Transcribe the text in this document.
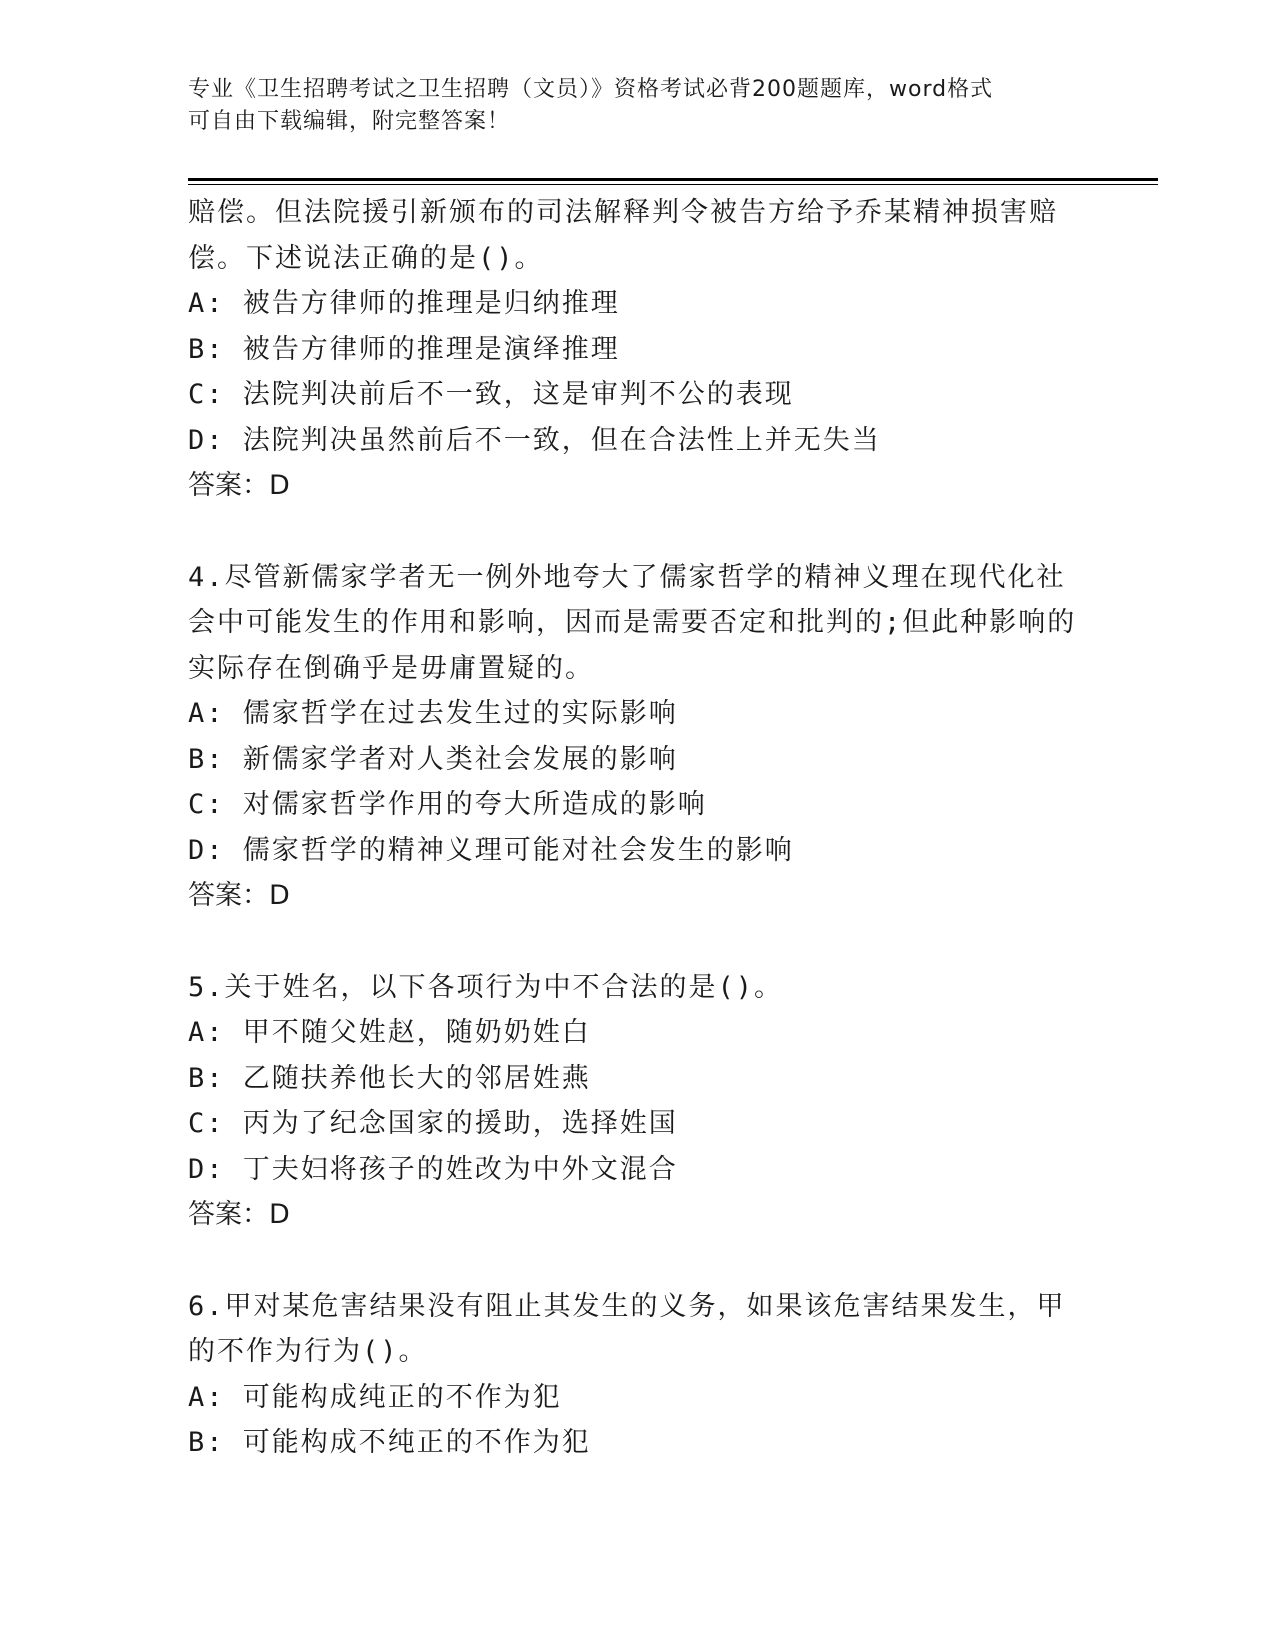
专业《卫生招聘考试之卫生招聘（文员）》资格考试必背200题题库，word格式
可自由下载编辑，附完整答案！
赔偿。但法院援引新颁布的司法解释判令被告方给予乔某精神损害赔
偿。下述说法正确的是()。
A: 被告方律师的推理是归纳推理
B: 被告方律师的推理是演绎推理
C: 法院判决前后不一致，这是审判不公的表现
D: 法院判决虽然前后不一致，但在合法性上并无失当
答案：D
4.尽管新儒家学者无一例外地夸大了儒家哲学的精神义理在现代化社
会中可能发生的作用和影响，因而是需要否定和批判的;但此种影响的
实际存在倒确乎是毋庸置疑的。
A: 儒家哲学在过去发生过的实际影响
B: 新儒家学者对人类社会发展的影响
C: 对儒家哲学作用的夸大所造成的影响
D: 儒家哲学的精神义理可能对社会发生的影响
答案：D
5.关于姓名，以下各项行为中不合法的是()。
A: 甲不随父姓赵，随奶奶姓白
B: 乙随扶养他长大的邻居姓燕
C: 丙为了纪念国家的援助，选择姓国
D: 丁夫妇将孩子的姓改为中外文混合
答案：D
6.甲对某危害结果没有阻止其发生的义务，如果该危害结果发生，甲
的不作为行为()。
A: 可能构成纯正的不作为犯
B: 可能构成不纯正的不作为犯
